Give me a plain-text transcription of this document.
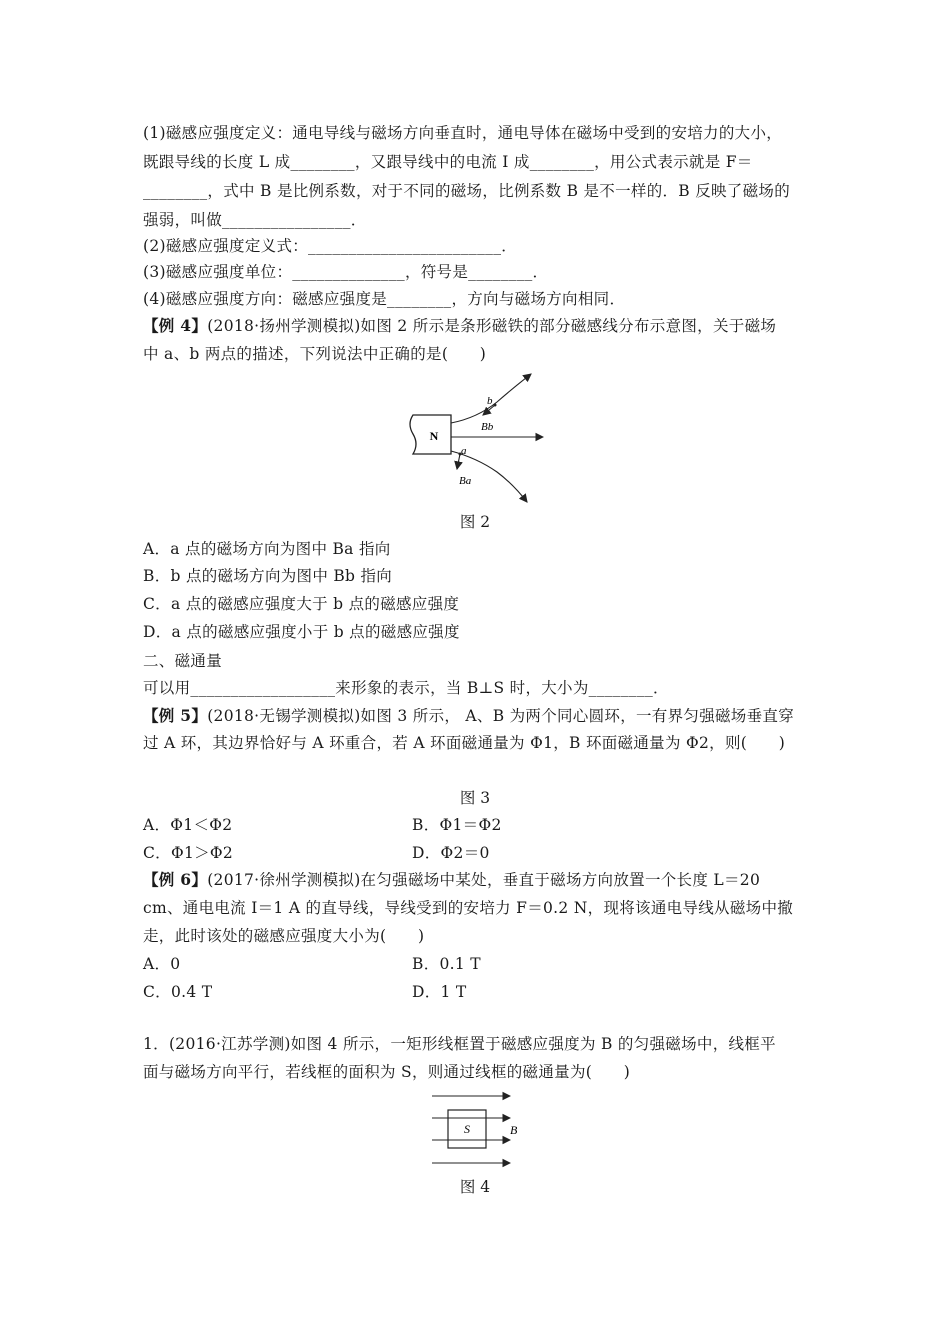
(1)磁感应强度定义：通电导线与磁场方向垂直时，通电导体在磁场中受到的安培力的大小，
既跟导线的长度 L 成________，又跟导线中的电流 I 成________，用公式表示就是 F＝
________，式中 B 是比例系数，对于不同的磁场，比例系数 B 是不一样的．B 反映了磁场的
强弱，叫做________________．
(2)磁感应强度定义式：________________________．
(3)磁感应强度单位：______________，符号是________．
(4)磁感应强度方向：磁感应强度是________，方向与磁场方向相同．
【例 4】(2018·扬州学测模拟)如图 2 所示是条形磁铁的部分磁感线分布示意图，关于磁场
中 a、b 两点的描述，下列说法中正确的是(　　)
N
b
Bb
a
Ba
图 2
A．a 点的磁场方向为图中 Ba 指向
B．b 点的磁场方向为图中 Bb 指向
C．a 点的磁感应强度大于 b 点的磁感应强度
D．a 点的磁感应强度小于 b 点的磁感应强度
二、磁通量
可以用__________________来形象的表示，当 B⊥S 时，大小为________．
【例 5】(2018·无锡学测模拟)如图 3 所示， A、B 为两个同心圆环，一有界匀强磁场垂直穿
过 A 环，其边界恰好与 A 环重合，若 A 环面磁通量为 Φ1，B 环面磁通量为 Φ2，则(　　)
图 3
A．Φ1＜Φ2	B．Φ1＝Φ2
C．Φ1＞Φ2	D．Φ2＝0
【例 6】(2017·徐州学测模拟)在匀强磁场中某处，垂直于磁场方向放置一个长度 L＝20
cm、通电电流 I＝1 A 的直导线，导线受到的安培力 F＝0.2 N，现将该通电导线从磁场中撤
走，此时该处的磁感应强度大小为(　　)
A．0	B．0.1 T
C．0.4 T	D．1 T
1．(2016·江苏学测)如图 4 所示，一矩形线框置于磁感应强度为 B 的匀强磁场中，线框平
面与磁场方向平行，若线框的面积为 S，则通过线框的磁通量为(　　)
S	B
图 4
